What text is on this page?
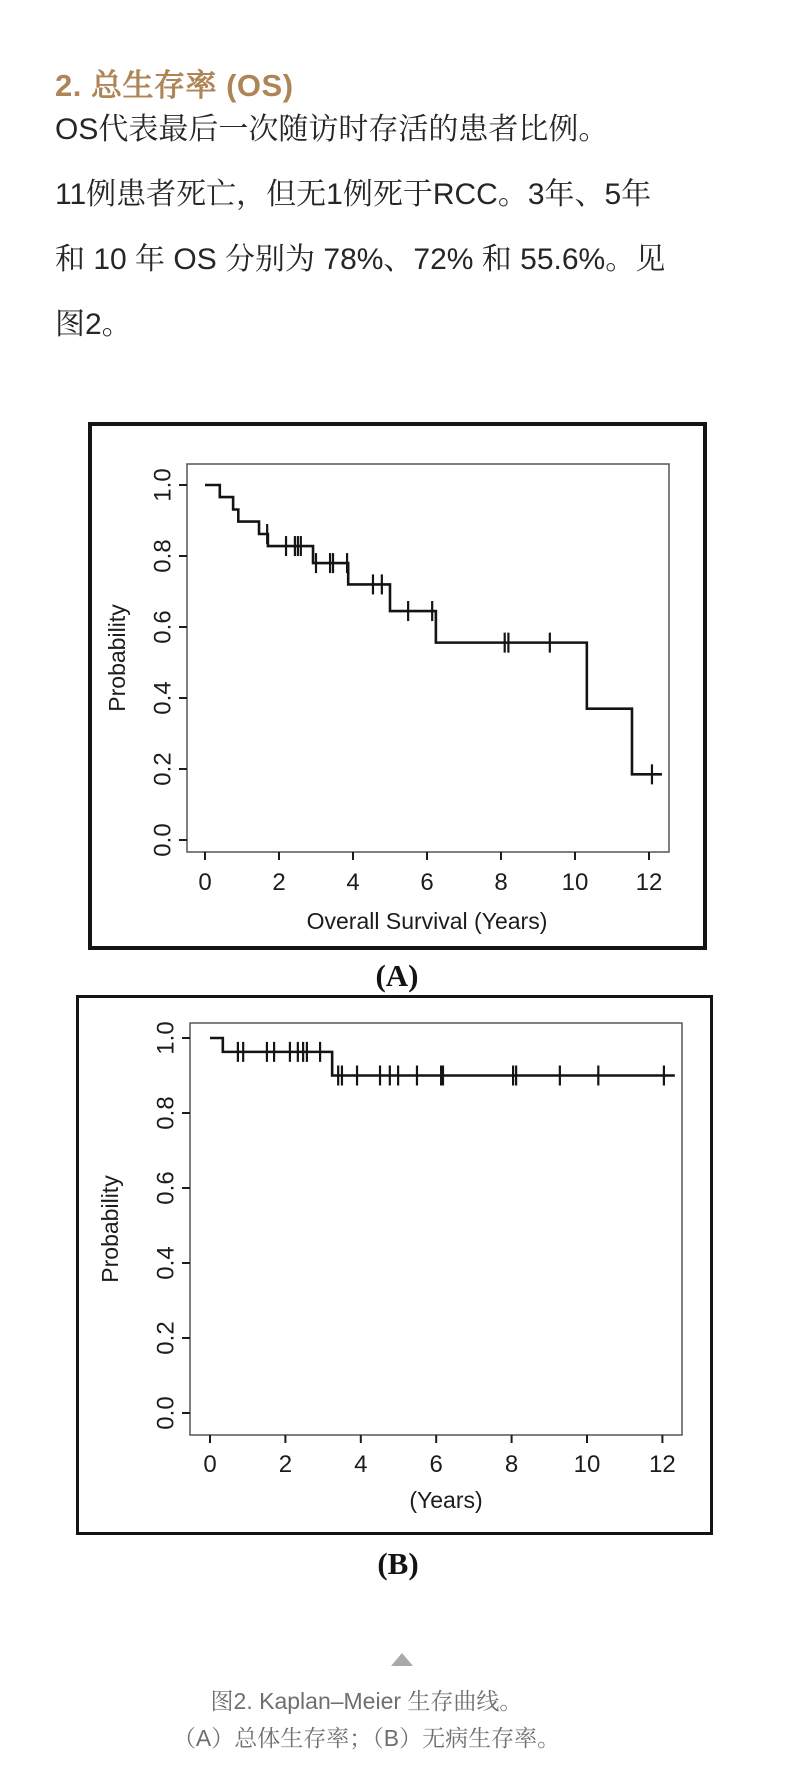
2. 总生存率 (OS)
OS代表最后一次随访时存活的患者比例。
11例患者死亡，但无1例死于RCC。3年、5年
和 10 年 OS 分别为 78%、72% 和 55.6%。见
图2。
0.0
0.2
0.4
0.6
0.8
1.0
0	2	4	6	8 10 12
Probability
Overall Survival (Years)
(A)
0.0
0.2
0.4
0.6
0.8
1.0
0	2	4	6	8 10 12
Probability
(Years)
(B)
图2. Kaplan–Meier 生存曲线。
（A）总体生存率；（B）无病生存率。
